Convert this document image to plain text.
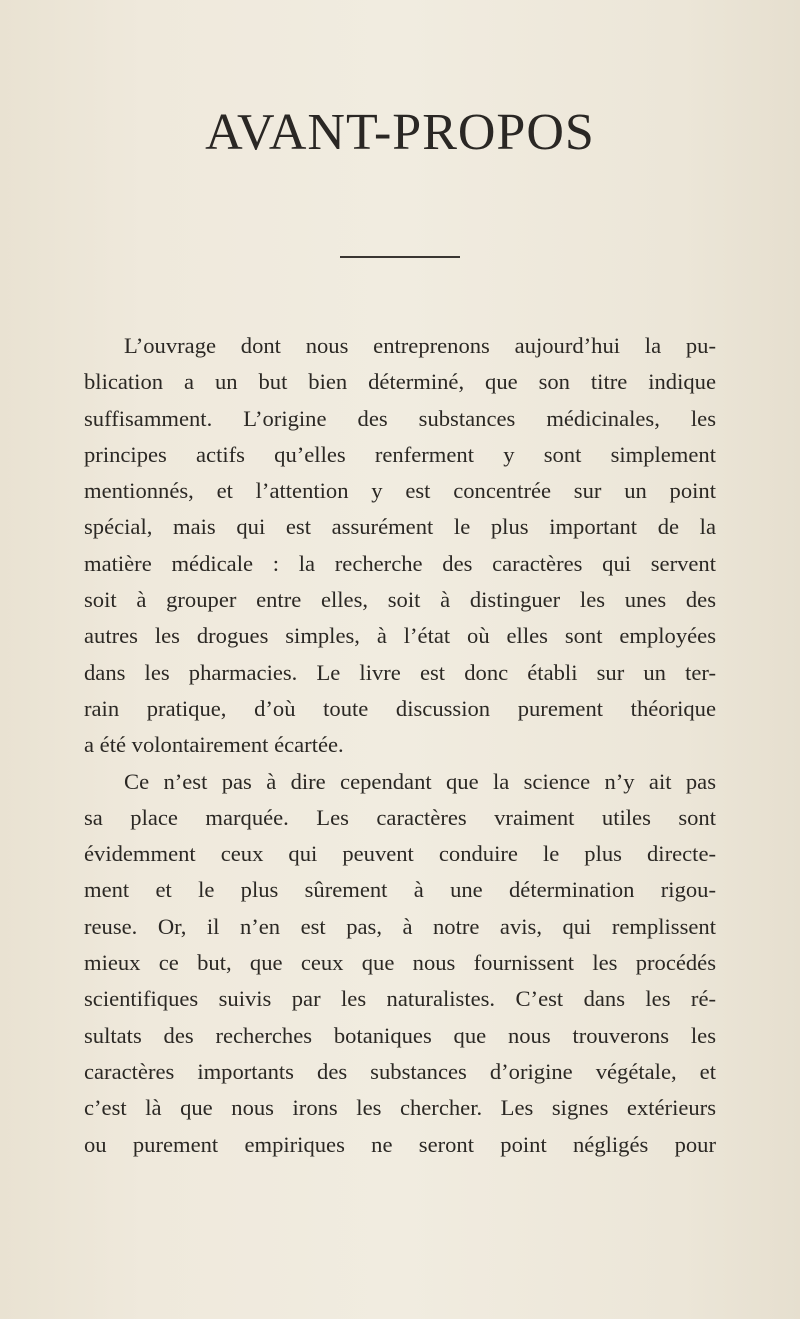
AVANT-PROPOS

L’ouvrage dont nous entreprenons aujourd’hui la pu-
blication a un but bien déterminé, que son titre indique
suffisamment. L’origine des substances médicinales, les
principes actifs qu’elles renferment y sont simplement
mentionnés, et l’attention y est concentrée sur un point
spécial, mais qui est assurément le plus important de la
matière médicale : la recherche des caractères qui servent
soit à grouper entre elles, soit à distinguer les unes des
autres les drogues simples, à l’état où elles sont employées
dans les pharmacies. Le livre est donc établi sur un ter-
rain pratique, d’où toute discussion purement théorique
a été volontairement écartée.

Ce n’est pas à dire cependant que la science n’y ait pas
sa place marquée. Les caractères vraiment utiles sont
évidemment ceux qui peuvent conduire le plus directe-
ment et le plus sûrement à une détermination rigou-
reuse. Or, il n’en est pas, à notre avis, qui remplissent
mieux ce but, que ceux que nous fournissent les procédés
scientifiques suivis par les naturalistes. C’est dans les ré-
sultats des recherches botaniques que nous trouverons les
caractères importants des substances d’origine végétale, et
c’est là que nous irons les chercher. Les signes extérieurs
ou purement empiriques ne seront point négligés pour
